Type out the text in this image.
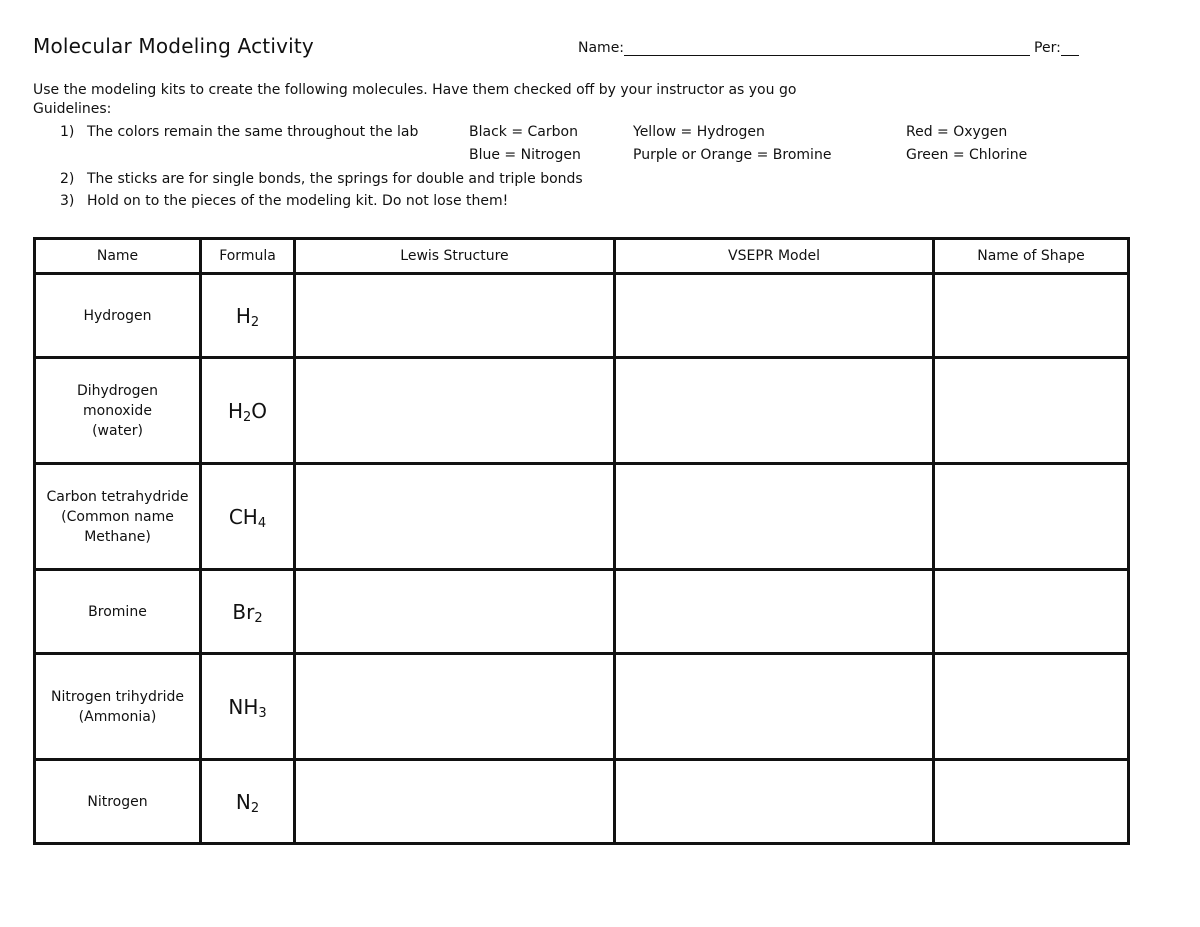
Molecular Modeling Activity	Name:	Per:
Use the modeling kits to create the following molecules. Have them checked off by your instructor as you go
Guidelines:
1) The colors remain the same throughout the lab
2) The sticks are for single bonds, the springs for double and triple bonds
3) Hold on to the pieces of the modeling kit. Do not lose them!
Black = Carbon	Yellow = Hydrogen	Red = Oxygen
Blue = Nitrogen	Purple or Orange = Bromine	Green = Chlorine
Name	Formula	Lewis Structure	VSEPR Model	Name of Shape

Hydrogen	$H_2$			

Dihydrogen
monoxide
(water)	$H_2O$			

Carbon tetrahydride
(Common name
Methane)	$CH_4$			

Bromine	$Br_2$			

Nitrogen trihydride
(Ammonia)	$NH_3$			

Nitrogen	$N_2$			
